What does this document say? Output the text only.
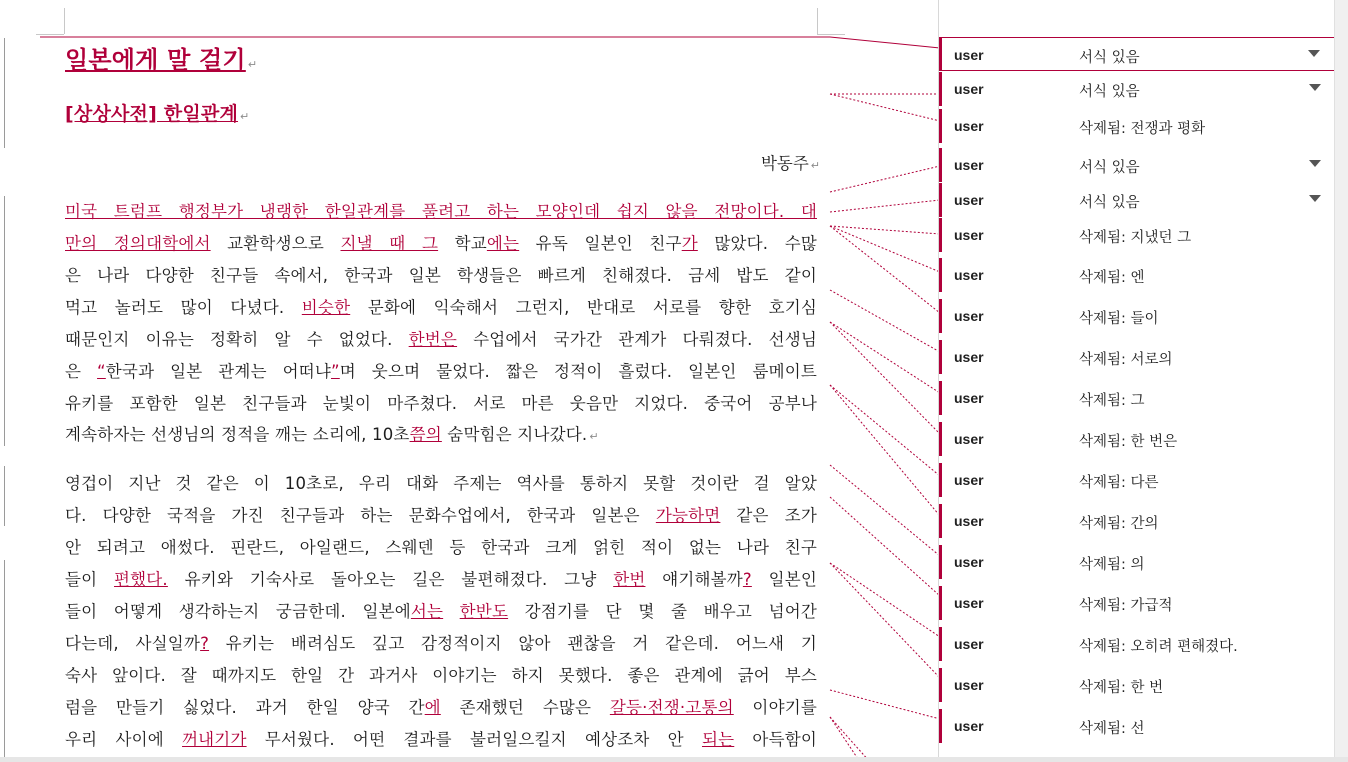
일본에게 말 걸기 ↵
[상상사전] 한일관계 ↵
박동주 ↵
미국 트럼프 행정부가 냉랭한 한일관계를 풀려고 하는 모양인데 쉽지 않을 전망이다. 대
만의 정의대학에서 교환학생으로 지낼 때 그 학교에는 유독 일본인 친구가 많았다. 수많
은 나라 다양한 친구들 속에서, 한국과 일본 학생들은 빠르게 친해졌다. 금세 밥도 같이
먹고 놀러도 많이 다녔다. 비슷한 문화에 익숙해서 그런지, 반대로 서로를 향한 호기심
때문인지 이유는 정확히 알 수 없었다. 한번은 수업에서 국가간 관계가 다뤄졌다. 선생님
은 “한국과 일본 관계는 어떠냐”며 웃으며 물었다. 짧은 정적이 흘렀다. 일본인 룸메이트
유키를 포함한 일본 친구들과 눈빛이 마주쳤다. 서로 마른 웃음만 지었다. 중국어 공부나
계속하자는 선생님의 정적을 깨는 소리에, 10초쯤의 숨막힘은 지나갔다. ↵
영겁이 지난 것 같은 이 10초로, 우리 대화 주제는 역사를 통하지 못할 것이란 걸 알았
다. 다양한 국적을 가진 친구들과 하는 문화수업에서, 한국과 일본은 가능하면 같은 조가
안 되려고 애썼다. 핀란드, 아일랜드, 스웨덴 등 한국과 크게 얽힌 적이 없는 나라 친구
들이 편했다. 유키와 기숙사로 돌아오는 길은 불편해졌다. 그냥 한번 얘기해볼까? 일본인
들이 어떻게 생각하는지 궁금한데. 일본에서는 한반도 강점기를 단 몇 줄 배우고 넘어간
다는데, 사실일까? 유키는 배려심도 깊고 감정적이지 않아 괜찮을 거 같은데. 어느새 기
숙사 앞이다. 잘 때까지도 한일 간 과거사 이야기는 하지 못했다. 좋은 관계에 긁어 부스
럼을 만들기 싫었다. 과거 한일 양국 간에 존재했던 수많은 갈등·전쟁·고통의 이야기를
우리 사이에 꺼내기가 무서웠다. 어떤 결과를 불러일으킬지 예상조차 안 되는 아득함이
user	서식 있음
user	서식 있음
user	삭제됨: 전쟁과 평화
user	서식 있음
user	서식 있음
user	삭제됨: 지냈던 그
user	삭제됨: 엔
user	삭제됨: 들이
user	삭제됨: 서로의
user	삭제됨: 그
user	삭제됨: 한 번은
user	삭제됨: 다른
user	삭제됨: 간의
user	삭제됨: 의
user	삭제됨: 가급적
user	삭제됨: 오히려 편해졌다.
user	삭제됨: 한 번
user	삭제됨: 선
